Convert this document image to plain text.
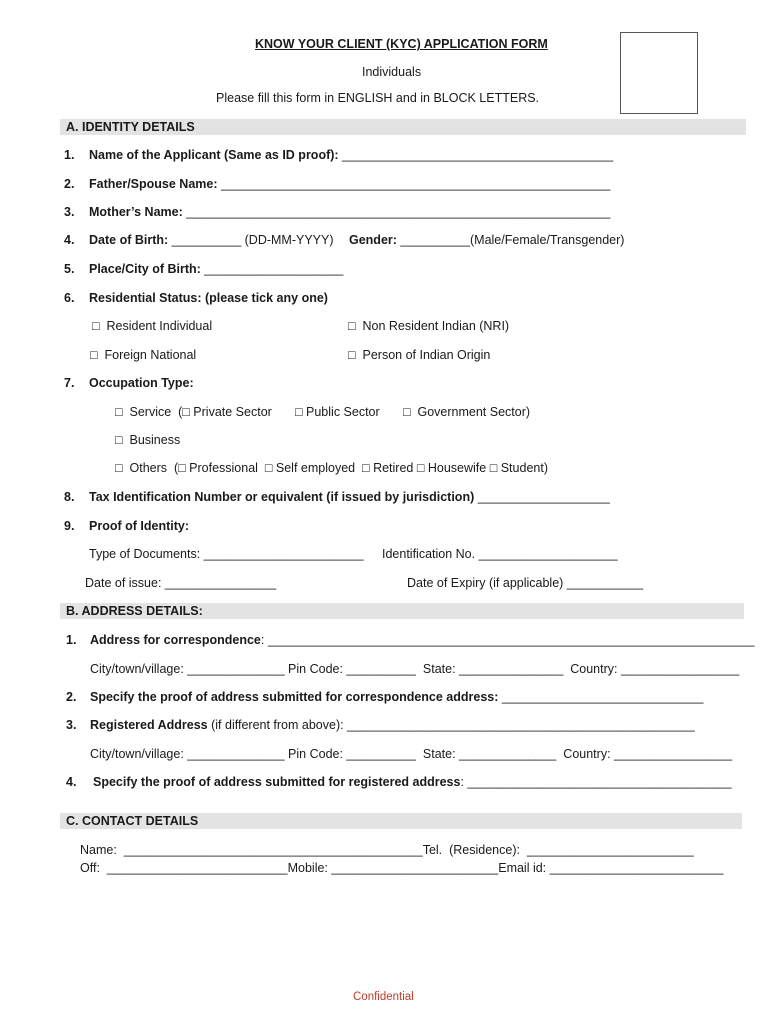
KNOW YOUR CLIENT (KYC) APPLICATION FORM
Individuals
Please fill this form in ENGLISH and in BLOCK LETTERS.
A. IDENTITY DETAILS
1. Name of the Applicant (Same as ID proof): _______________________________________
2. Father/Spouse Name: ________________________________________________________
3. Mother’s Name: _____________________________________________________________
4. Date of Birth: __________ (DD-MM-YYYY) Gender: __________ (Male/Female/Transgender)
5. Place/City of Birth: ____________________
6. Residential Status: (please tick any one)
□  Resident Individual	□  Non Resident Indian (NRI)
□  Foreign National	□  Person of Indian Origin
7. Occupation Type:
□  Service  (□ Private Sector □ Public Sector □  Government Sector)
□  Business
□  Others  (□ Professional  □ Self employed  □ Retired □ Housewife □ Student)
8. Tax Identification Number or equivalent (if issued by jurisdiction) ___________________
9. Proof of Identity:
Type of Documents: _______________________ Identification No. ____________________
Date of issue: ________________	Date of Expiry (if applicable) ___________
B. ADDRESS DETAILS:
1. Address for correspondence: ______________________________________________________________________
City/town/village: ______________ Pin Code: __________  State: _______________  Country: _________________
2. Specify the proof of address submitted for correspondence address: _____________________________
3. Registered Address (if different from above): __________________________________________________
City/town/village: ______________ Pin Code: __________  State: ______________  Country: _________________
4. Specify the proof of address submitted for registered address: ______________________________________
C. CONTACT DETAILS
Name:  ___________________________________________Tel.  (Residence):  ________________________
Off:  __________________________Mobile: ________________________Email id: _________________________
Confidential
